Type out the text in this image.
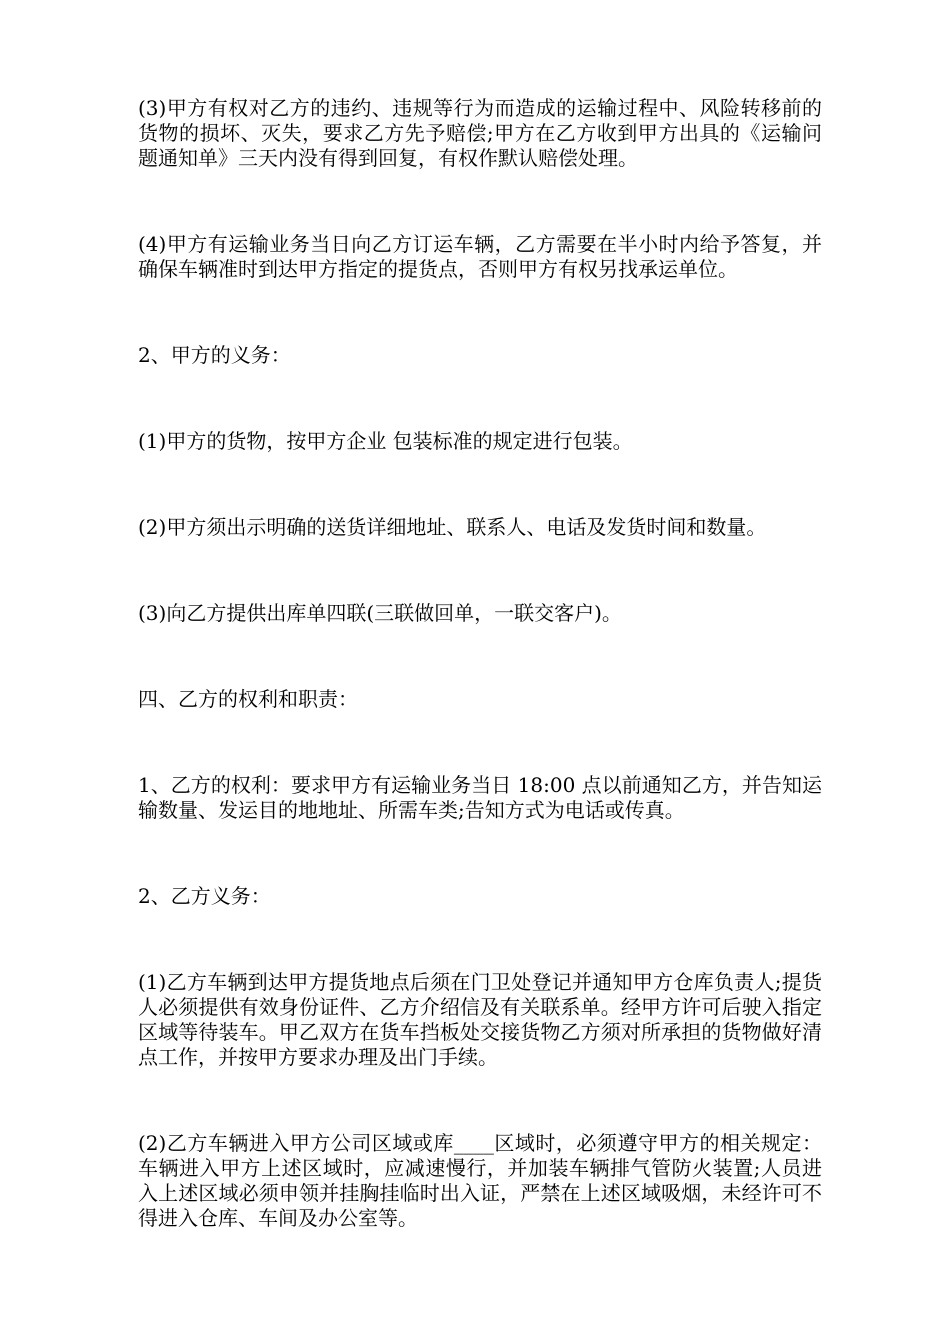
(3)甲方有权对乙方的违约、违规等行为而造成的运输过程中、风险转移前的货物的损坏、灭失，要求乙方先予赔偿;甲方在乙方收到甲方出具的《运输问题通知单》三天内没有得到回复，有权作默认赔偿处理。

(4)甲方有运输业务当日向乙方订运车辆，乙方需要在半小时内给予答复，并确保车辆准时到达甲方指定的提货点，否则甲方有权另找承运单位。

2、甲方的义务：

(1)甲方的货物，按甲方企业 包装标准的规定进行包装。

(2)甲方须出示明确的送货详细地址、联系人、电话及发货时间和数量。

(3)向乙方提供出库单四联(三联做回单，一联交客户)。

四、乙方的权利和职责：

1、乙方的权利：要求甲方有运输业务当日 18:00 点以前通知乙方，并告知运输数量、发运目的地地址、所需车类;告知方式为电话或传真。

2、乙方义务：

(1)乙方车辆到达甲方提货地点后须在门卫处登记并通知甲方仓库负责人;提货人必须提供有效身份证件、乙方介绍信及有关联系单。经甲方许可后驶入指定区域等待装车。甲乙双方在货车挡板处交接货物乙方须对所承担的货物做好清点工作，并按甲方要求办理及出门手续。

(2)乙方车辆进入甲方公司区域或库____区域时，必须遵守甲方的相关规定：车辆进入甲方上述区域时，应减速慢行，并加装车辆排气管防火装置;人员进入上述区域必须申领并挂胸挂临时出入证，严禁在上述区域吸烟，未经许可不得进入仓库、车间及办公室等。
